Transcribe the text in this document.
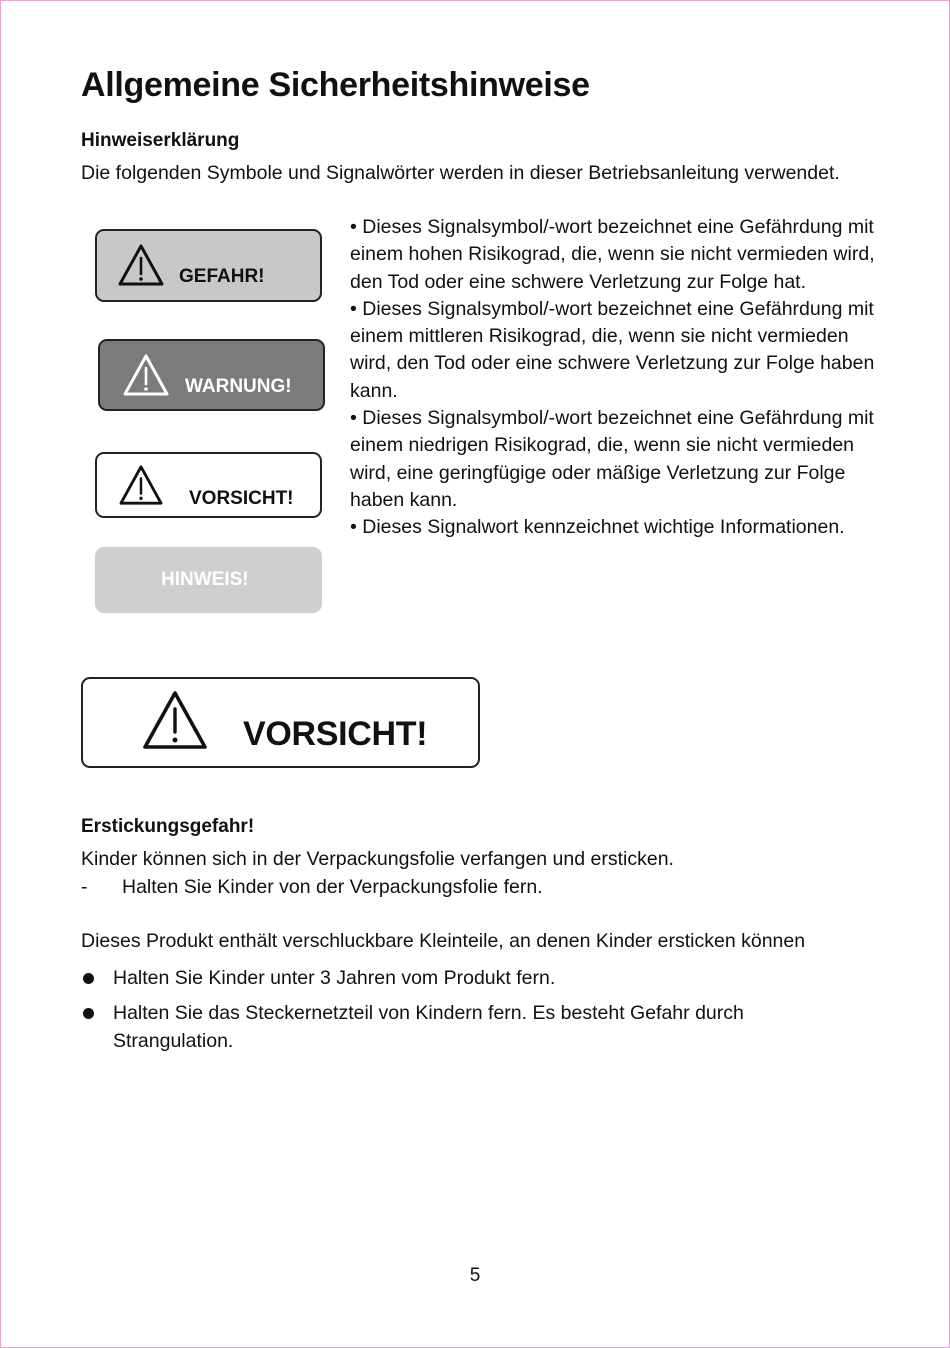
Allgemeine Sicherheitshinweise
Hinweiserklärung

Die folgenden Symbole und Signalwörter werden in dieser Betriebsanleitung verwendet.

GEFAHR!
WARNUNG!
VORSICHT!
HINWEIS!

• Dieses Signalsymbol/-wort bezeichnet eine Gefährdung mit einem hohen Risikograd, die, wenn sie nicht vermieden wird, den Tod oder eine schwere Verletzung zur Folge hat.

• Dieses Signalsymbol/-wort bezeichnet eine Gefährdung mit einem mittleren Risikograd, die, wenn sie nicht vermieden wird, den Tod oder eine schwere Verletzung zur Folge haben kann.

• Dieses Signalsymbol/-wort bezeichnet eine Gefährdung mit einem niedrigen Risikograd, die, wenn sie nicht vermieden wird, eine geringfügige oder mäßige Verletzung zur Folge haben kann.

• Dieses Signalwort kennzeichnet wichtige Informationen.

VORSICHT!
Erstickungsgefahr!

Kinder können sich in der Verpackungsfolie verfangen und ersticken.

- Halten Sie Kinder von der Verpackungsfolie fern.

Dieses Produkt enthält verschluckbare Kleinteile, an denen Kinder ersticken können

Halten Sie Kinder unter 3 Jahren vom Produkt fern.
Halten Sie das Steckernetzteil von Kindern fern. Es besteht Gefahr durch Strangulation.
5
